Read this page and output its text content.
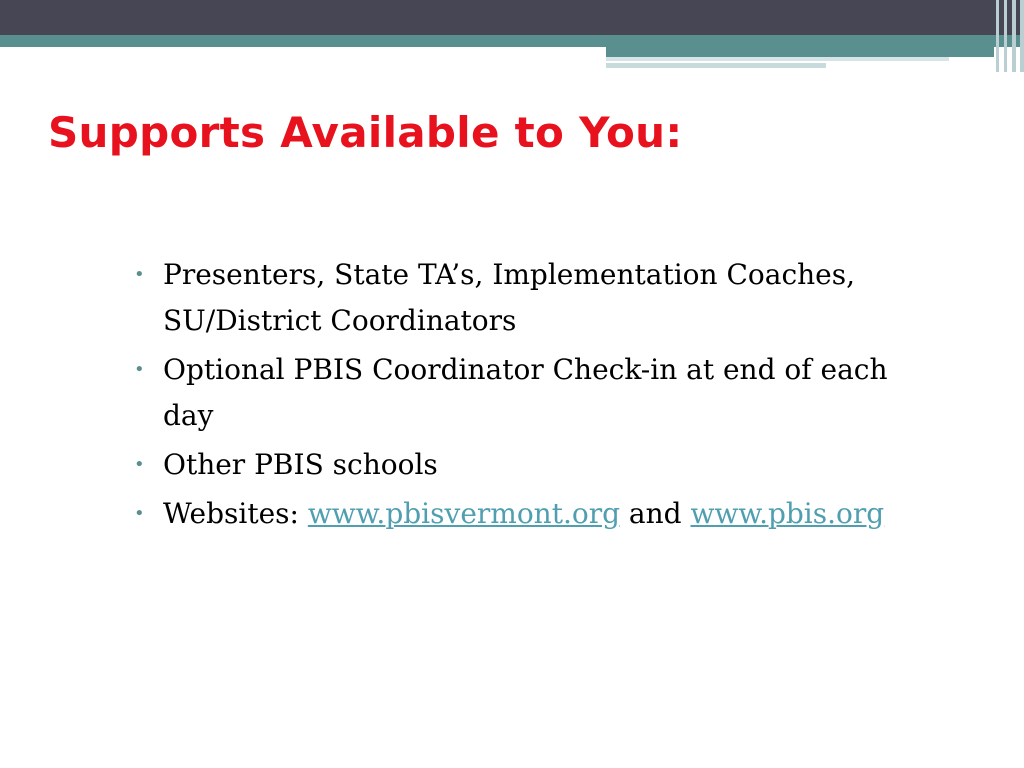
Supports Available to You:
• Presenters, State TA’s, Implementation Coaches, SU/District Coordinators
• Optional PBIS Coordinator Check-in at end of each day
• Other PBIS schools
• Websites: www.pbisvermont.org and www.pbis.org
